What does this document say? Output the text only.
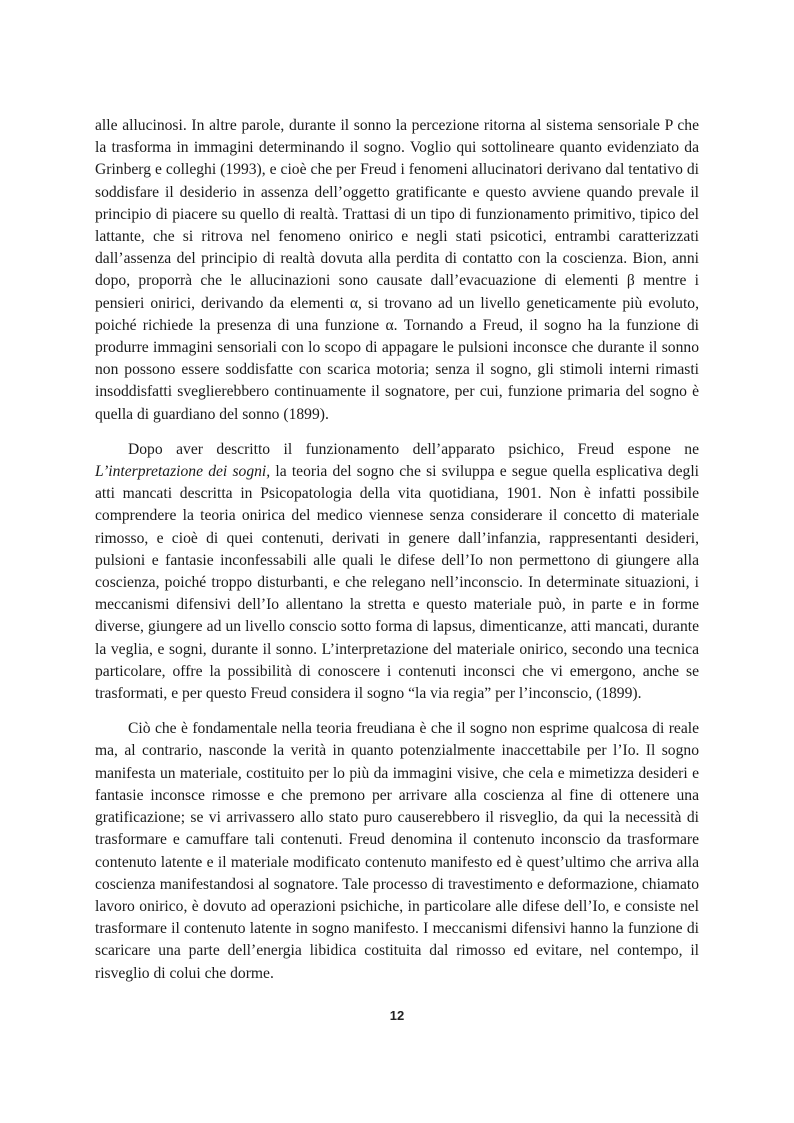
alle allucinosi. In altre parole, durante il sonno la percezione ritorna al sistema sensoriale P che la trasforma in immagini determinando il sogno. Voglio qui sottolineare quanto evidenziato da Grinberg e colleghi (1993), e cioè che per Freud i fenomeni allucinatori derivano dal tentativo di soddisfare il desiderio in assenza dell’oggetto gratificante e questo avviene quando prevale il principio di piacere su quello di realtà. Trattasi di un tipo di funzionamento primitivo, tipico del lattante, che si ritrova nel fenomeno onirico e negli stati psicotici, entrambi caratterizzati dall’assenza del principio di realtà dovuta alla perdita di contatto con la coscienza. Bion, anni dopo, proporrà che le allucinazioni sono causate dall’evacuazione di elementi β mentre i pensieri onirici, derivando da elementi α, si trovano ad un livello geneticamente più evoluto, poiché richiede la presenza di una funzione α. Tornando a Freud, il sogno ha la funzione di produrre immagini sensoriali con lo scopo di appagare le pulsioni inconsce che durante il sonno non possono essere soddisfatte con scarica motoria; senza il sogno, gli stimoli interni rimasti insoddisfatti sveglierebbero continuamente il sognatore, per cui, funzione primaria del sogno è quella di guardiano del sonno (1899).

Dopo aver descritto il funzionamento dell’apparato psichico, Freud espone ne L’interpretazione dei sogni, la teoria del sogno che si sviluppa e segue quella esplicativa degli atti mancati descritta in Psicopatologia della vita quotidiana, 1901. Non è infatti possibile comprendere la teoria onirica del medico viennese senza considerare il concetto di materiale rimosso, e cioè di quei contenuti, derivati in genere dall’infanzia, rappresentanti desideri, pulsioni e fantasie inconfessabili alle quali le difese dell’Io non permettono di giungere alla coscienza, poiché troppo disturbanti, e che relegano nell’inconscio. In determinate situazioni, i meccanismi difensivi dell’Io allentano la stretta e questo materiale può, in parte e in forme diverse, giungere ad un livello conscio sotto forma di lapsus, dimenticanze, atti mancati, durante la veglia, e sogni, durante il sonno. L’interpretazione del materiale onirico, secondo una tecnica particolare, offre la possibilità di conoscere i contenuti inconsci che vi emergono, anche se trasformati, e per questo Freud considera il sogno “la via regia” per l’inconscio, (1899).

Ciò che è fondamentale nella teoria freudiana è che il sogno non esprime qualcosa di reale ma, al contrario, nasconde la verità in quanto potenzialmente inaccettabile per l’Io. Il sogno manifesta un materiale, costituito per lo più da immagini visive, che cela e mimetizza desideri e fantasie inconsce rimosse e che premono per arrivare alla coscienza al fine di ottenere una gratificazione; se vi arrivassero allo stato puro causerebbero il risveglio, da qui la necessità di trasformare e camuffare tali contenuti. Freud denomina il contenuto inconscio da trasformare contenuto latente e il materiale modificato contenuto manifesto ed è quest’ultimo che arriva alla coscienza manifestandosi al sognatore. Tale processo di travestimento e deformazione, chiamato lavoro onirico, è dovuto ad operazioni psichiche, in particolare alle difese dell’Io, e consiste nel trasformare il contenuto latente in sogno manifesto. I meccanismi difensivi hanno la funzione di scaricare una parte dell’energia libidica costituita dal rimosso ed evitare, nel contempo, il risveglio di colui che dorme.

12
